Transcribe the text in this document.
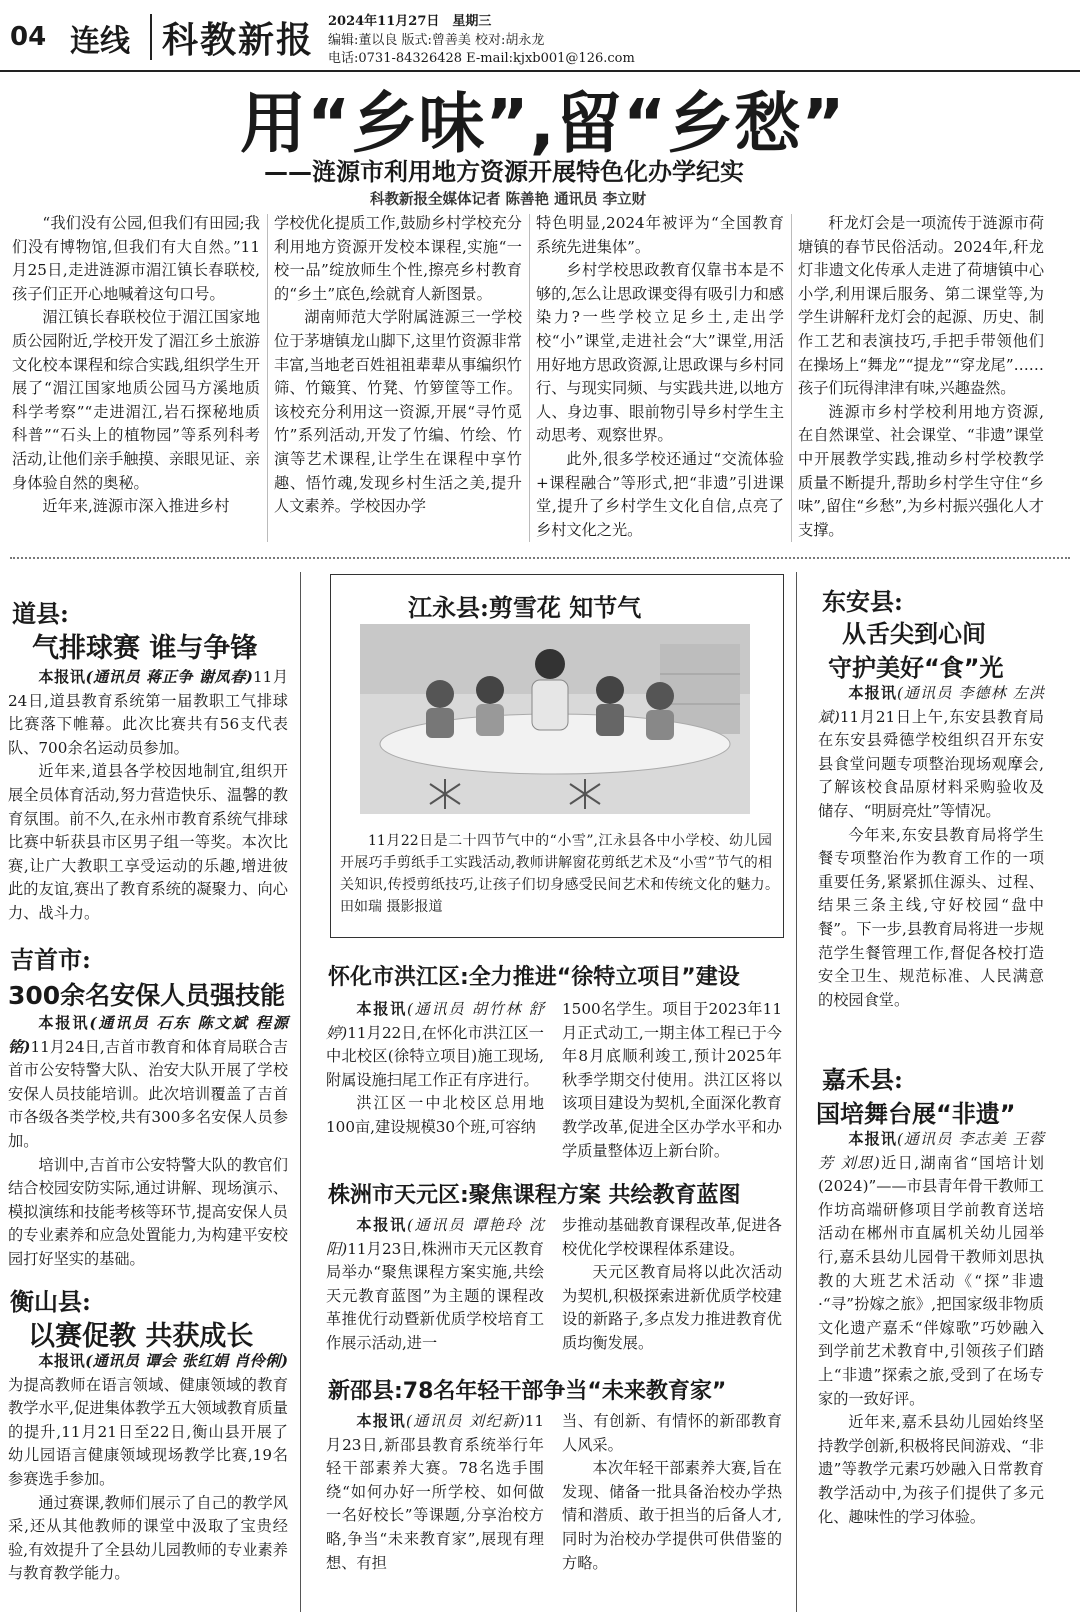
04 连线 科教新报 2024年11月27日　星期三
编辑:董以良 版式:曾善美 校对:胡永龙
电话:0731-84326428 E-mail:kjxb001@126.com
用“乡味”,留“乡愁”
——涟源市利用地方资源开展特色化办学纪实
科教新报全媒体记者 陈善艳 通讯员 李立财

“我们没有公园,但我们有田园;我们没有博物馆,但我们有大自然。”11月25日,走进涟源市湄江镇长春联校,孩子们正开心地喊着这句口号。

湄江镇长春联校位于湄江国家地质公园附近,学校开发了湄江乡土旅游文化校本课程和综合实践,组织学生开展了“湄江国家地质公园马方溪地质科学考察”“走进湄江,岩石探秘地质科普”“石头上的植物园”等系列科考活动,让他们亲手触摸、亲眼见证、亲身体验自然的奥秘。

近年来,涟源市深入推进乡村

学校优化提质工作,鼓励乡村学校充分利用地方资源开发校本课程,实施“一校一品”绽放师生个性,擦亮乡村教育的“乡土”底色,绘就育人新图景。

湖南师范大学附属涟源三一学校位于茅塘镇龙山脚下,这里竹资源非常丰富,当地老百姓祖祖辈辈从事编织竹筛、竹簸箕、竹凳、竹箩筐等工作。该校充分利用这一资源,开展“寻竹觅竹”系列活动,开发了竹编、竹绘、竹演等艺术课程,让学生在课程中享竹趣、悟竹魂,发现乡村生活之美,提升人文素养。学校因办学

特色明显,2024年被评为“全国教育系统先进集体”。

乡村学校思政教育仅靠书本是不够的,怎么让思政课变得有吸引力和感染力?一些学校立足乡土,走出学校“小”课堂,走进社会“大”课堂,用活用好地方思政资源,让思政课与乡村同行、与现实同频、与实践共进,以地方人、身边事、眼前物引导乡村学生主动思考、观察世界。

此外,很多学校还通过“交流体验+课程融合”等形式,把“非遗”引进课堂,提升了乡村学生文化自信,点亮了乡村文化之光。

秆龙灯会是一项流传于涟源市荷塘镇的春节民俗活动。2024年,秆龙灯非遗文化传承人走进了荷塘镇中心小学,利用课后服务、第二课堂等,为学生讲解秆龙灯会的起源、历史、制作工艺和表演技巧,手把手带领他们在操场上“舞龙”“提龙”“穿龙尾”……孩子们玩得津津有味,兴趣盎然。

涟源市乡村学校利用地方资源,在自然课堂、社会课堂、“非遗”课堂中开展教学实践,推动乡村学校教学质量不断提升,帮助乡村学生守住“乡味”,留住“乡愁”,为乡村振兴强化人才支撑。

道县:
气排球赛 谁与争锋

本报讯(通讯员 蒋正争 谢凤春)11月24日,道县教育系统第一届教职工气排球比赛落下帷幕。此次比赛共有56支代表队、700余名运动员参加。

近年来,道县各学校因地制宜,组织开展全员体育活动,努力营造快乐、温馨的教育氛围。前不久,在永州市教育系统气排球比赛中斩获县市区男子组一等奖。本次比赛,让广大教职工享受运动的乐趣,增进彼此的友谊,赛出了教育系统的凝聚力、向心力、战斗力。

吉首市:
300余名安保人员强技能

本报讯(通讯员 石东 陈文斌 程源铭)11月24日,吉首市教育和体育局联合吉首市公安特警大队、治安大队开展了学校安保人员技能培训。此次培训覆盖了吉首市各级各类学校,共有300多名安保人员参加。

培训中,吉首市公安特警大队的教官们结合校园安防实际,通过讲解、现场演示、模拟演练和技能考核等环节,提高安保人员的专业素养和应急处置能力,为构建平安校园打好坚实的基础。

衡山县:
以赛促教 共获成长

本报讯(通讯员 谭会 张红娟 肖伶俐)为提高教师在语言领域、健康领域的教育教学水平,促进集体教学五大领域教育质量的提升,11月21日至22日,衡山县开展了幼儿园语言健康领域现场教学比赛,19名参赛选手参加。

通过赛课,教师们展示了自己的教学风采,还从其他教师的课堂中汲取了宝贵经验,有效提升了全县幼儿园教师的专业素养与教育教学能力。

江永县:剪雪花 知节气
11月22日是二十四节气中的“小雪”,江永县各中小学校、幼儿园开展巧手剪纸手工实践活动,教师讲解窗花剪纸艺术及“小雪”节气的相关知识,传授剪纸技巧,让孩子们切身感受民间艺术和传统文化的魅力。　田如瑞 摄影报道
怀化市洪江区:全力推进“徐特立项目”建设

本报讯(通讯员 胡竹林 舒婷)11月22日,在怀化市洪江区一中北校区(徐特立项目)施工现场,附属设施扫尾工作正有序进行。

洪江区一中北校区总用地100亩,建设规模30个班,可容纳

1500名学生。项目于2023年11月正式动工,一期主体工程已于今年8月底顺利竣工,预计2025年秋季学期交付使用。洪江区将以该项目建设为契机,全面深化教育教学改革,促进全区办学水平和办学质量整体迈上新台阶。

株洲市天元区:聚焦课程方案 共绘教育蓝图

本报讯(通讯员 谭艳玲 沈阳)11月23日,株洲市天元区教育局举办“聚焦课程方案实施,共绘天元教育蓝图”为主题的课程改革推优行动暨新优质学校培育工作展示活动,进一

步推动基础教育课程改革,促进各校优化学校课程体系建设。

天元区教育局将以此次活动为契机,积极探索进新优质学校建设的新路子,多点发力推进教育优质均衡发展。

新邵县:78名年轻干部争当“未来教育家”

本报讯(通讯员 刘纪新)11月23日,新邵县教育系统举行年轻干部素养大赛。78名选手围绕“如何办好一所学校、如何做一名好校长”等课题,分享治校方略,争当“未来教育家”,展现有理想、有担

当、有创新、有情怀的新邵教育人风采。

本次年轻干部素养大赛,旨在发现、储备一批具备治校办学热情和潜质、敢于担当的后备人才,同时为治校办学提供可供借鉴的方略。

东安县:
从舌尖到心间
守护美好“食”光

本报讯(通讯员 李德林 左洪斌)11月21日上午,东安县教育局在东安县舜德学校组织召开东安县食堂问题专项整治现场观摩会,了解该校食品原材料采购验收及储存、“明厨亮灶”等情况。

今年来,东安县教育局将学生餐专项整治作为教育工作的一项重要任务,紧紧抓住源头、过程、结果三条主线,守好校园“盘中餐”。下一步,县教育局将进一步规范学生餐管理工作,督促各校打造安全卫生、规范标准、人民满意的校园食堂。

嘉禾县:
国培舞台展“非遗”

本报讯(通讯员 李志美 王蓉芳 刘思)近日,湖南省“国培计划(2024)”——市县青年骨干教师工作坊高端研修项目学前教育送培活动在郴州市直属机关幼儿园举行,嘉禾县幼儿园骨干教师刘思执教的大班艺术活动《“探”非遗·“寻”扮嫁之旅》,把国家级非物质文化遗产嘉禾“伴嫁歌”巧妙融入到学前艺术教育中,引领孩子们踏上“非遗”探索之旅,受到了在场专家的一致好评。

近年来,嘉禾县幼儿园始终坚持教学创新,积极将民间游戏、“非遗”等教学元素巧妙融入日常教育教学活动中,为孩子们提供了多元化、趣味性的学习体验。
